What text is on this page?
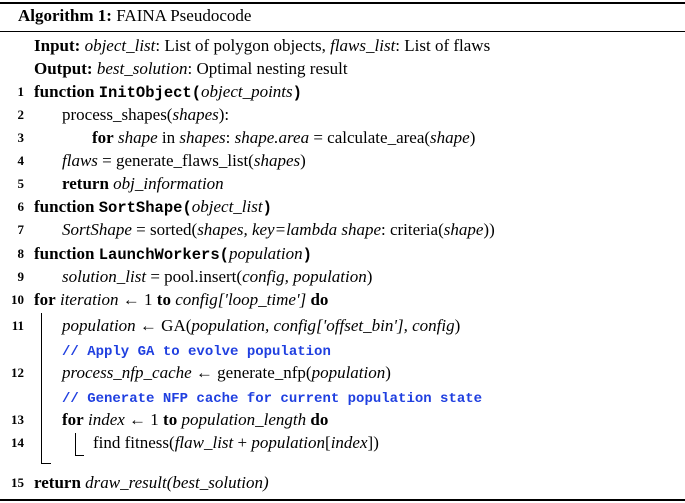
Algorithm 1: FAINA Pseudocode
Input: object_list: List of polygon objects, flaws_list: List of flaws
Output: best_solution: Optimal nesting result
1 function InitObject(object_points)
2 process_shapes(shapes):
3	for shape in shapes: shape.area = calculate_area(shape)
4 flaws = generate_flaws_list(shapes)
5 return obj_information
6 function SortShape(object_list)
7 SortShape = sorted(shapes, key=lambda shape: criteria(shape))
8 function LaunchWorkers(population)
9 solution_list = pool.insert(config, population)
10 for iteration ← 1 to config['loop_time'] do
11 population ← GA(population, config['offset_bin'], config)
// Apply GA to evolve population
12 process_nfp_cache ← generate_nfp(population)
// Generate NFP cache for current population state
13 for index ← 1 to population_length do
14	find fitness(flaw_list + population[index])
15 return draw_result(best_solution)
